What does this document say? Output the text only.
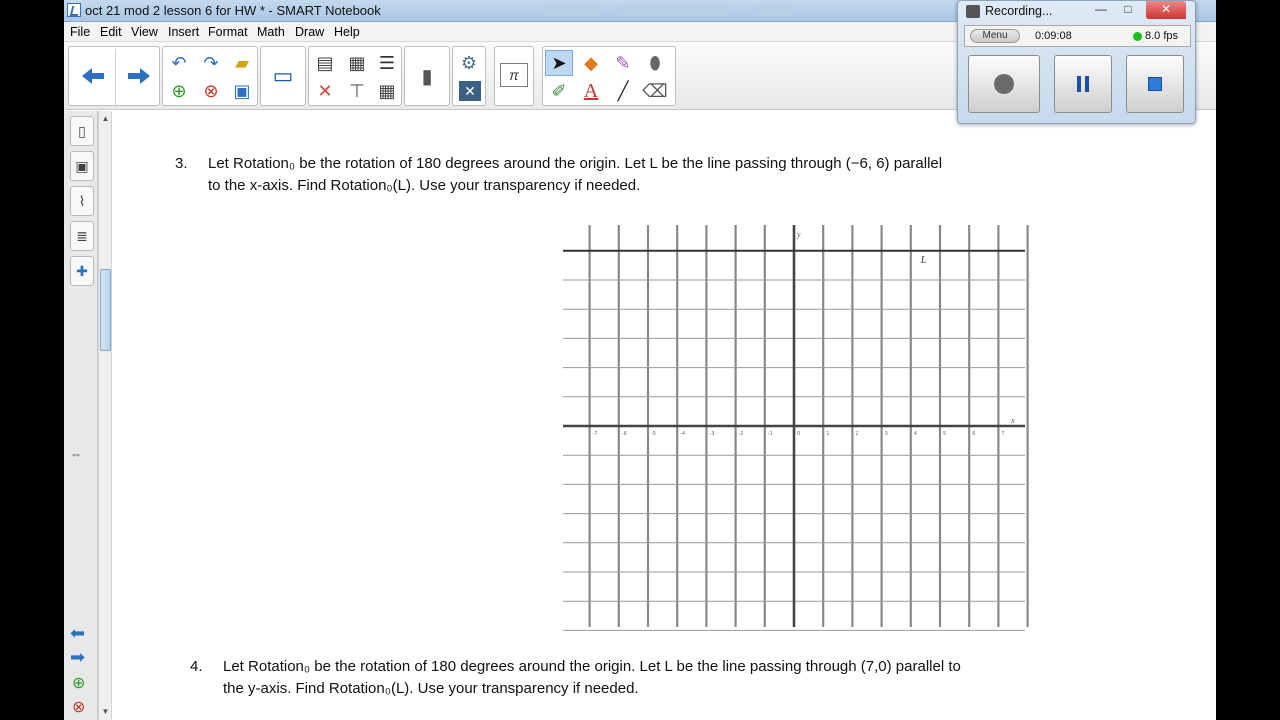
oct 21 mod 2 lesson 6 for HW * - SMART Notebook
File Edit View Insert Format Math Draw Help
↶ ↷ ▰
⊕ ⊗ ▣
▭	▤ ▦ ☰
✕ ⊤ ▦
▮
⚙
✕
π
➤ ◆ ✎	⬮
✐ A	╱ ⌫
▯
▣
⌇
≣
✚
⇔
⬅
➡
⊕
⊗
▲
▼
3. Let Rotation₀ be the rotation of 180 degrees around the origin. Let L be the line passing through (−6, 6) parallel
to the x-axis. Find Rotation₀(L). Use your transparency if needed.
L
x
y
-7	-6	-5	-4	-3	-2	-1	0	1	2	3	4	5	6	7
4. Let Rotation₀ be the rotation of 180 degrees around the origin. Let L be the line passing through (7,0) parallel to
the y-axis. Find Rotation₀(L). Use your transparency if needed.
Recording...	—	□	✕
Menu	0:09:08	8.0 fps
